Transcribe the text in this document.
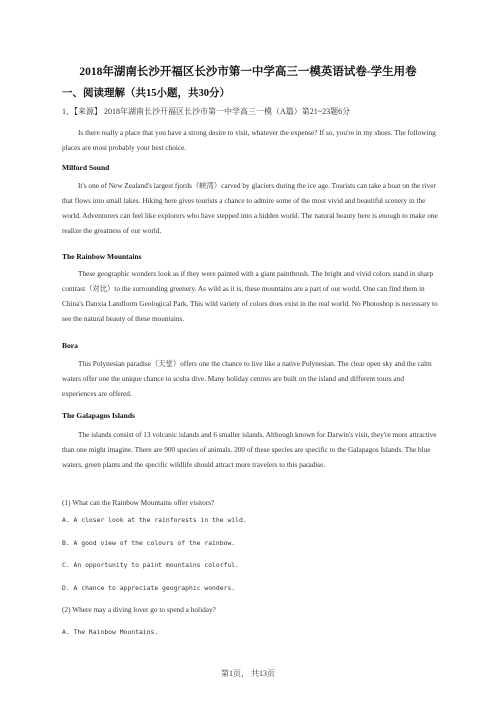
2018年湖南长沙开福区长沙市第一中学高三一模英语试卷-学生用卷
一、阅读理解（共15小题，共30分）
1、【来源】 2018年湖南长沙开福区长沙市第一中学高三一模（A篇）第21~23题6分
Is there really a place that you have a strong desire to visit, whatever the expense? If so, you're in my shoes. The following places are most probably your best choice.
Milford Sound
It's one of New Zealand's largest fjords（峡湾）carved by glaciers during the ice age. Tourists can take a boat on the river that flows into small lakes. Hiking here gives tourists a chance to admire some of the most vivid and beautiful scenery in the world. Adventurers can feel like explorers who have stepped into a hidden world. The natural beauty here is enough to make one realize the greatness of our world.
The Rainbow Mountains
These geographic wonders look as if they were painted with a giant paintbrush. The bright and vivid colors stand in sharp contrast（对比）to the surrounding greenery. As wild as it is, these mountains are a part of our world. One can find them in China's Danxia Landform Geological Park. This wild variety of colors does exist in the real world. No Photoshop is necessary to see the natural beauty of these mountains.
Bora
This Polynesian paradise（天堂）offers one the chance to live like a native Polynesian. The clear open sky and the calm waters offer one the unique chance to scuba dive. Many holiday centres are built on the island and different tours and experiences are offered.
The Galapagos Islands
The islands consist of 13 volcanic islands and 6 smaller islands. Although known for Darwin's visit, they're more attractive than one might imagine. There are 900 species of animals. 200 of these species are specific to the Galapagos Islands. The blue waters, green plants and the specific wildlife should attract more travelers to this paradise.
(1) What can the Rainbow Mountains offer visitors?
A. A closer look at the rainforests in the wild.
B. A good view of the colours of the rainbow.
C. An opportunity to paint mountains colorful.
D. A chance to appreciate geographic wonders.
(2) Where may a diving lover go to spend a holiday?
A. The Rainbow Mountains.
第1页， 共13页
